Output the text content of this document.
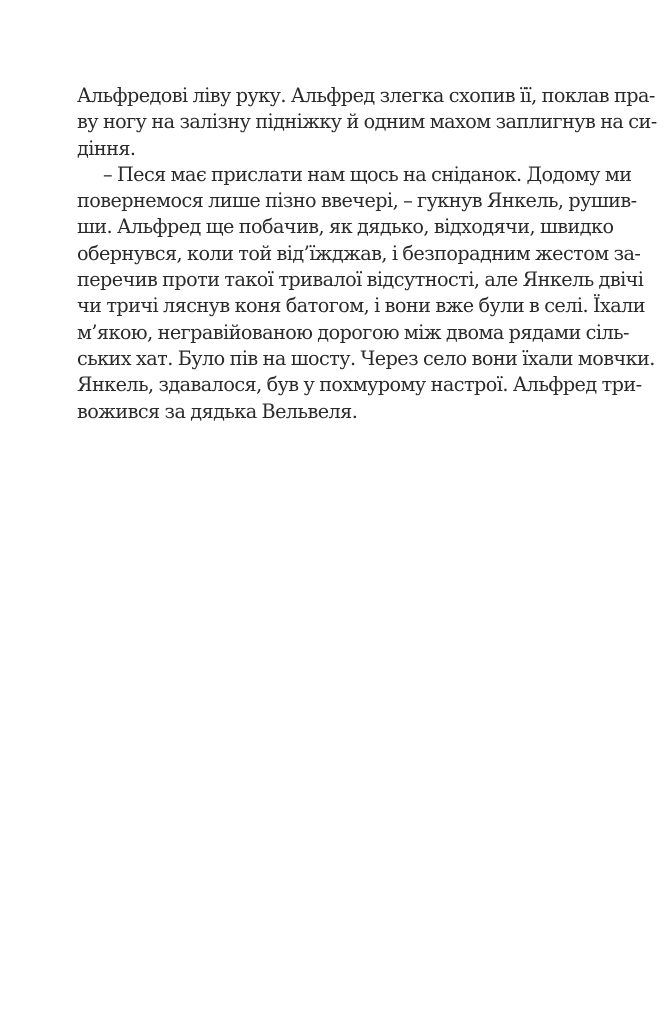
Альфредові ліву руку. Альфред злегка схопив її, поклав пра-
ву ногу на залізну підніжку й одним махом заплигнув на си-
діння.
– Песя має прислати нам щось на сніданок. Додому ми
повернемося лише пізно ввечері, – гукнув Янкель, рушив-
ши. Альфред ще побачив, як дядько, відходячи, швидко
обернувся, коли той від’їжджав, і безпорадним жестом за-
перечив проти такої тривалої відсутності, але Янкель двічі
чи тричі ляснув коня батогом, і вони вже були в селі. Їхали
м’якою, негравійованою дорогою між двома рядами сіль-
ських хат. Було пів на шосту. Через село вони їхали мовчки.
Янкель, здавалося, був у похмурому настрої. Альфред три-
вожився за дядька Вельвеля.
